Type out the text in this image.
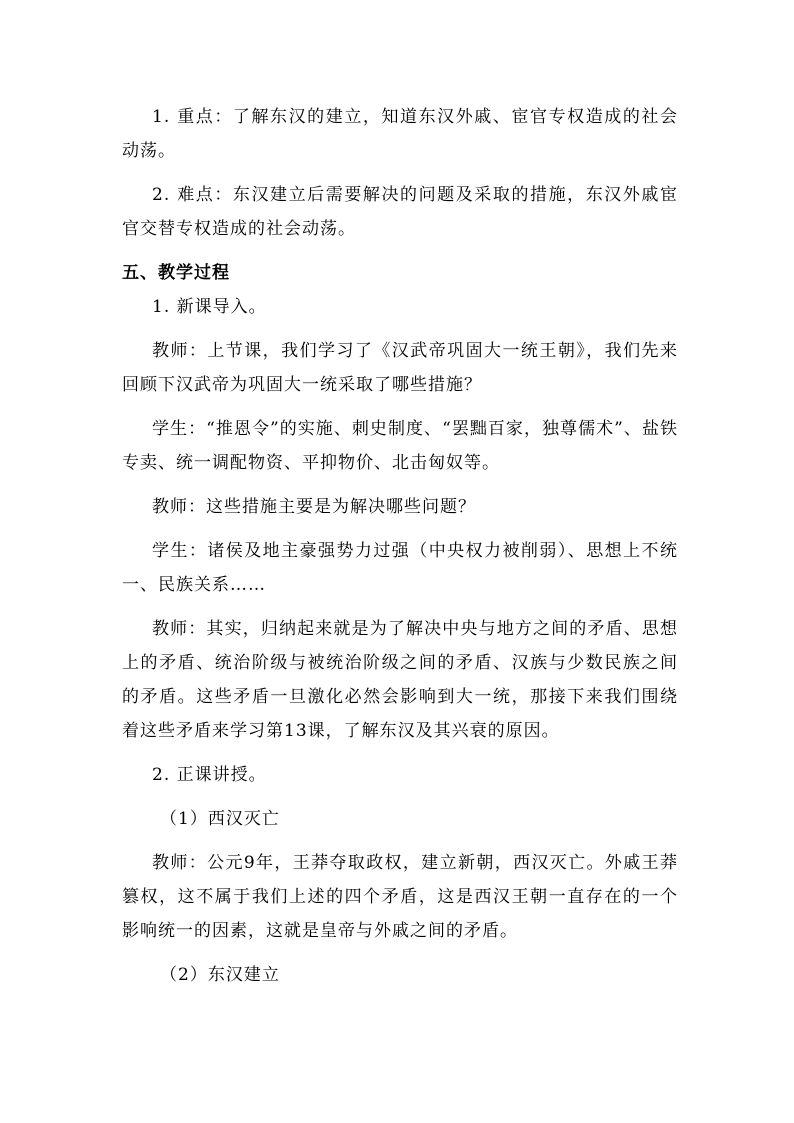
1. 重点：了解东汉的建立，知道东汉外戚、宦官专权造成的社会动荡。

2. 难点：东汉建立后需要解决的问题及采取的措施，东汉外戚宦官交替专权造成的社会动荡。

五、教学过程

1. 新课导入。

教师：上节课，我们学习了《汉武帝巩固大一统王朝》，我们先来回顾下汉武帝为巩固大一统采取了哪些措施？

学生：“推恩令”的实施、刺史制度、“罢黜百家，独尊儒术”、盐铁专卖、统一调配物资、平抑物价、北击匈奴等。

教师：这些措施主要是为解决哪些问题？

学生：诸侯及地主豪强势力过强（中央权力被削弱）、思想上不统一、民族关系……

教师：其实，归纳起来就是为了解决中央与地方之间的矛盾、思想上的矛盾、统治阶级与被统治阶级之间的矛盾、汉族与少数民族之间的矛盾。这些矛盾一旦激化必然会影响到大一统，那接下来我们围绕着这些矛盾来学习第13课，了解东汉及其兴衰的原因。

2. 正课讲授。

（1）西汉灭亡

教师：公元9年，王莽夺取政权，建立新朝，西汉灭亡。外戚王莽篡权，这不属于我们上述的四个矛盾，这是西汉王朝一直存在的一个影响统一的因素，这就是皇帝与外戚之间的矛盾。

（2）东汉建立
